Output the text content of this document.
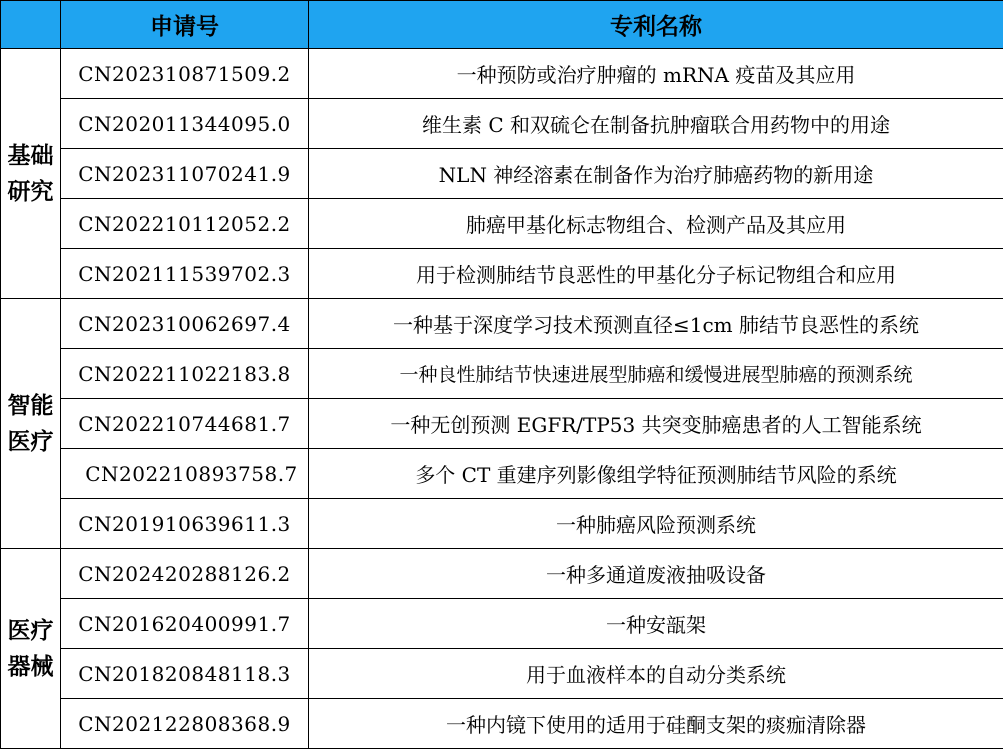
	申请号	专利名称

基础
研究	CN202310871509.2	一种预防或治疗肿瘤的 mRNA 疫苗及其应用
	CN202011344095.0	维生素 C 和双硫仑在制备抗肿瘤联合用药物中的用途
	CN202311070241.9	NLN 神经溶素在制备作为治疗肺癌药物的新用途
	CN202210112052.2	肺癌甲基化标志物组合、检测产品及其应用
	CN202111539702.3	用于检测肺结节良恶性的甲基化分子标记物组合和应用

智能
医疗	CN202310062697.4	一种基于深度学习技术预测直径≤1cm 肺结节良恶性的系统
	CN202211022183.8	一种良性肺结节快速进展型肺癌和缓慢进展型肺癌的预测系统
	CN202210744681.7	一种无创预测 EGFR/TP53 共突变肺癌患者的人工智能系统
	CN202210893758.7	多个 CT 重建序列影像组学特征预测肺结节风险的系统
	CN201910639611.3	一种肺癌风险预测系统

医疗
器械	CN202420288126.2	一种多通道废液抽吸设备
	CN201620400991.7	一种安瓿架
	CN201820848118.3	用于血液样本的自动分类系统
	CN202122808368.9	一种内镜下使用的适用于硅酮支架的痰痂清除器
